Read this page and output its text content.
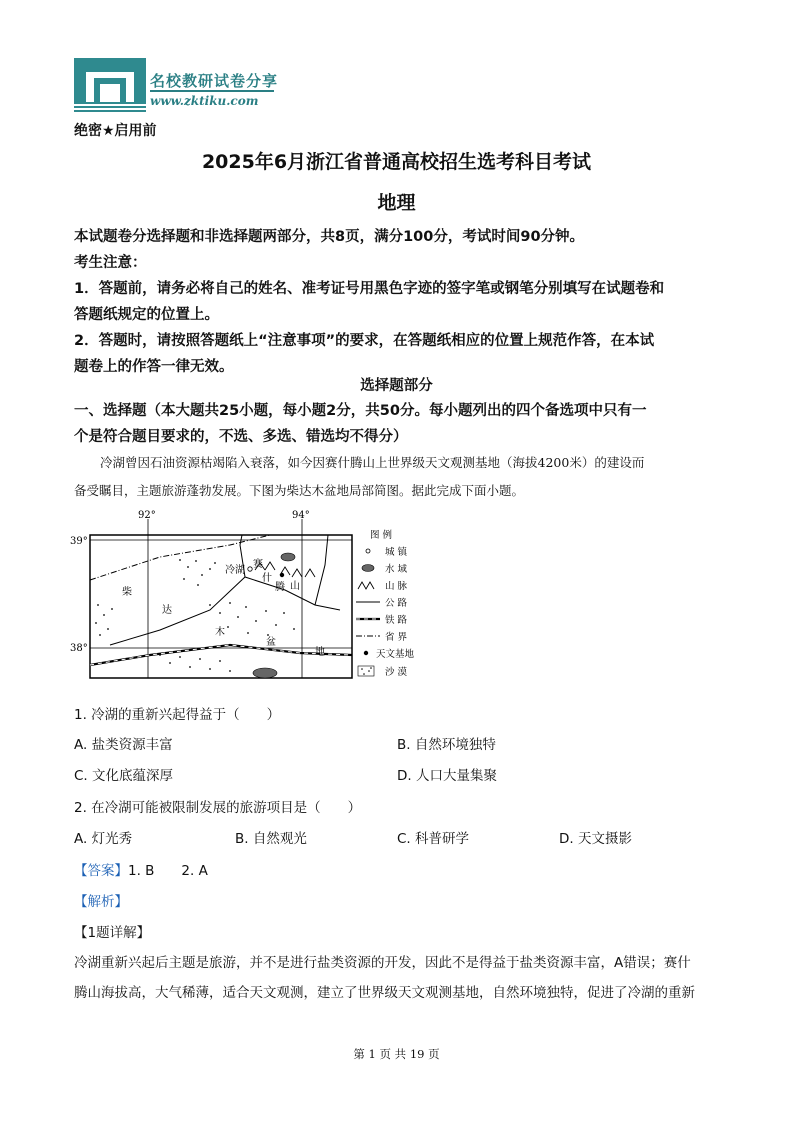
名校教研试卷分享
www.zktiku.com
绝密★启用前
2025年6月浙江省普通高校招生选考科目考试
地理
本试题卷分选择题和非选择题两部分，共8页，满分100分，考试时间90分钟。
考生注意：
1．答题前，请务必将自己的姓名、准考证号用黑色字迹的签字笔或钢笔分别填写在试题卷和
答题纸规定的位置上。
2．答题时，请按照答题纸上“注意事项”的要求，在答题纸相应的位置上规范作答，在本试
题卷上的作答一律无效。
选择题部分
一、选择题（本大题共25小题，每小题2分，共50分。每小题列出的四个备选项中只有一
个是符合题目要求的，不选、多选、错选均不得分）
冷湖曾因石油资源枯竭陷入衰落，如今因赛什腾山上世界级天文观测基地（海拔4200米）的建设而
备受瞩目，主题旅游蓬勃发展。下图为柴达木盆地局部简图。据此完成下面小题。
92°	94°
39°
38°
冷湖
赛
什
腾 山
柴
达
木
盆
地
图 例
城 镇
水 域
山 脉
公 路
铁 路
省 界
天文基地
沙 漠
1. 冷湖的重新兴起得益于（　　）
A. 盐类资源丰富	B. 自然环境独特
C. 文化底蕴深厚	D. 人口大量集聚
2. 在冷湖可能被限制发展的旅游项目是（　　）
A. 灯光秀	B. 自然观光	C. 科普研学	D. 天文摄影
【答案】1. B　　2. A
【解析】
【1题详解】
冷湖重新兴起后主题是旅游，并不是进行盐类资源的开发，因此不是得益于盐类资源丰富，A错误；赛什
腾山海拔高，大气稀薄，适合天文观测，建立了世界级天文观测基地，自然环境独特，促进了冷湖的重新
第 1 页 共 19 页
